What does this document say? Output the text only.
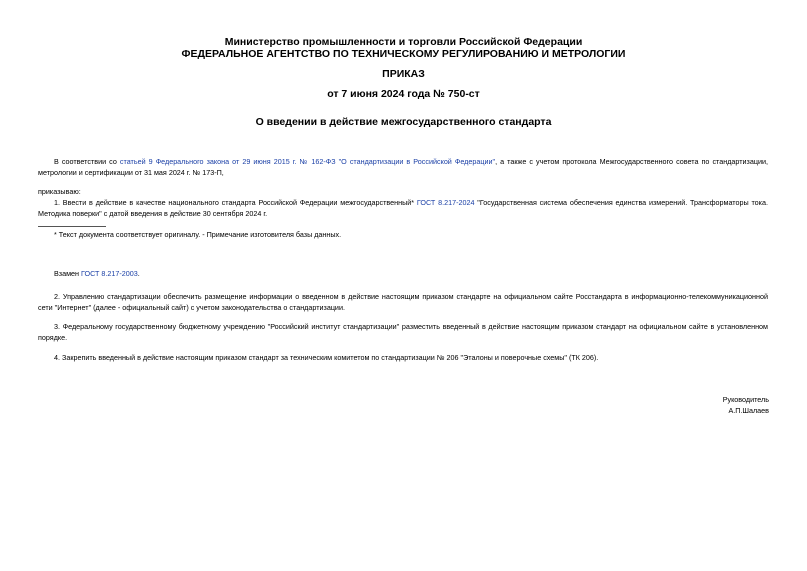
Министерство промышленности и торговли Российской Федерации
ФЕДЕРАЛЬНОЕ АГЕНТСТВО ПО ТЕХНИЧЕСКОМУ РЕГУЛИРОВАНИЮ И МЕТРОЛОГИИ
ПРИКАЗ
от 7 июня 2024 года № 750-ст
О введении в действие межгосударственного стандарта
В соответствии со статьей 9 Федерального закона от 29 июня 2015 г. № 162-ФЗ "О стандартизации в Российской Федерации", а также с учетом протокола Межгосударственного совета по стандартизации, метрологии и сертификации от 31 мая 2024 г. № 173-П,
приказываю:
1. Ввести в действие в качестве национального стандарта Российской Федерации межгосударственный* ГОСТ 8.217-2024 "Государственная система обеспечения единства измерений. Трансформаторы тока. Методика поверки" с датой введения в действие 30 сентября 2024 г.
* Текст документа соответствует оригиналу. - Примечание изготовителя базы данных.
Взамен ГОСТ 8.217-2003.
2. Управлению стандартизации обеспечить размещение информации о введенном в действие настоящим приказом стандарте на официальном сайте Росстандарта в информационно-телекоммуникационной сети "Интернет" (далее - официальный сайт) с учетом законодательства о стандартизации.
3. Федеральному государственному бюджетному учреждению "Российский институт стандартизации" разместить введенный в действие настоящим приказом стандарт на официальном сайте в установленном порядке.
4. Закрепить введенный в действие настоящим приказом стандарт за техническим комитетом по стандартизации № 206 "Эталоны и поверочные схемы" (ТК 206).
Руководитель
А.П.Шалаев
